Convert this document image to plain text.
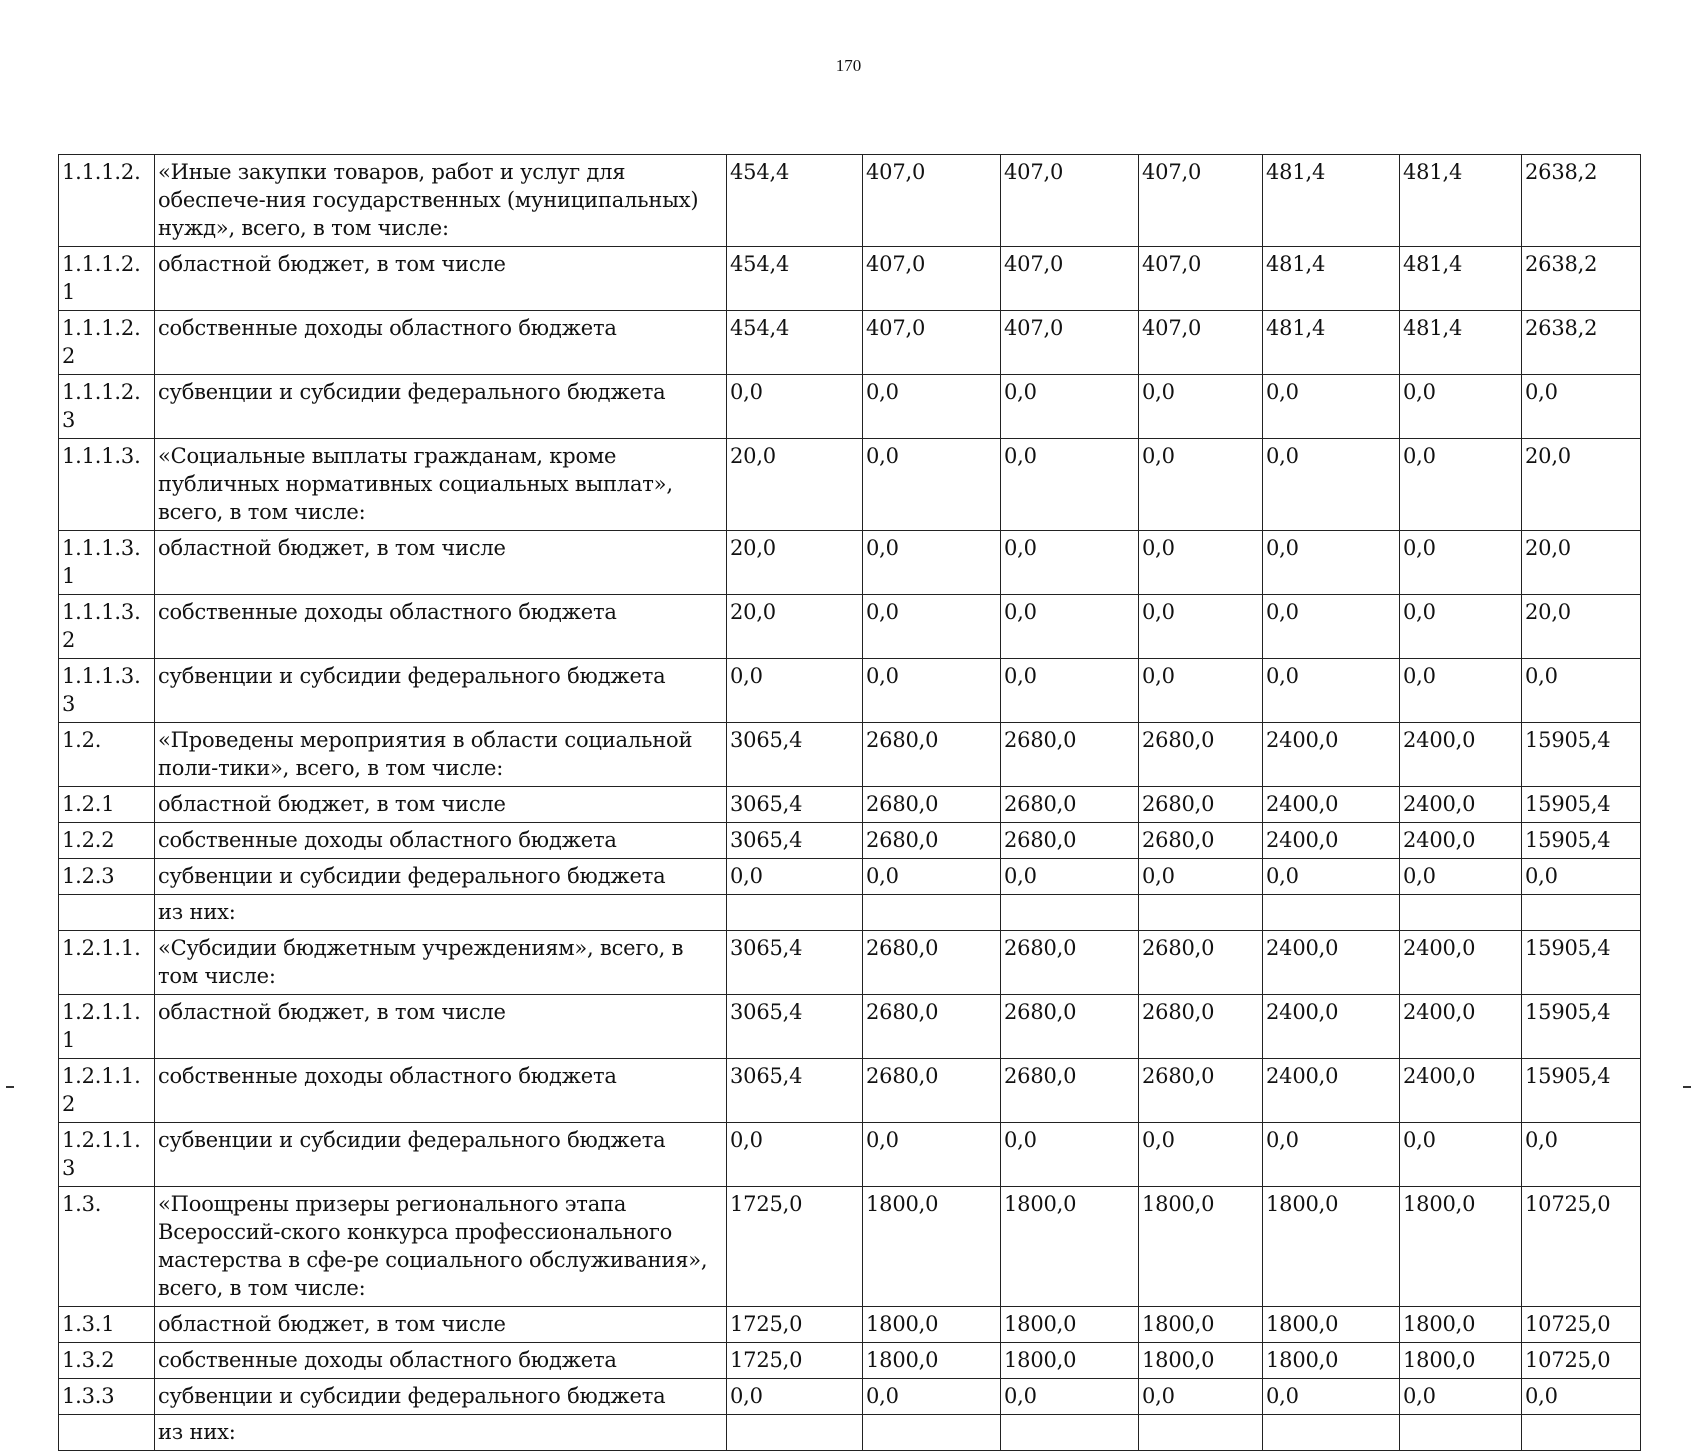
170
1.1.1.2.	«Иные закупки товаров, работ и услуг для обеспече-ния государственных (муниципальных) нужд», всего, в том числе:	454,4	407,0	407,0	407,0	481,4	481,4	2638,2
1.1.1.2.1	областной бюджет, в том числе	454,4	407,0	407,0	407,0	481,4	481,4	2638,2
1.1.1.2.2	собственные доходы областного бюджета	454,4	407,0	407,0	407,0	481,4	481,4	2638,2
1.1.1.2.3	субвенции и субсидии федерального бюджета	0,0	0,0	0,0	0,0	0,0	0,0	0,0
1.1.1.3.	«Социальные выплаты гражданам, кроме публичных нормативных социальных выплат», всего, в том числе:	20,0	0,0	0,0	0,0	0,0	0,0	20,0
1.1.1.3.1	областной бюджет, в том числе	20,0	0,0	0,0	0,0	0,0	0,0	20,0
1.1.1.3.2	собственные доходы областного бюджета	20,0	0,0	0,0	0,0	0,0	0,0	20,0
1.1.1.3.3	субвенции и субсидии федерального бюджета	0,0	0,0	0,0	0,0	0,0	0,0	0,0
1.2.	«Проведены мероприятия в области социальной поли-тики», всего, в том числе:	3065,4	2680,0	2680,0	2680,0	2400,0	2400,0	15905,4
1.2.1	областной бюджет, в том числе	3065,4	2680,0	2680,0	2680,0	2400,0	2400,0	15905,4
1.2.2	собственные доходы областного бюджета	3065,4	2680,0	2680,0	2680,0	2400,0	2400,0	15905,4
1.2.3	субвенции и субсидии федерального бюджета	0,0	0,0	0,0	0,0	0,0	0,0	0,0
	из них:							
1.2.1.1.	«Субсидии бюджетным учреждениям», всего, в том числе:	3065,4	2680,0	2680,0	2680,0	2400,0	2400,0	15905,4
1.2.1.1.1	областной бюджет, в том числе	3065,4	2680,0	2680,0	2680,0	2400,0	2400,0	15905,4
1.2.1.1.2	собственные доходы областного бюджета	3065,4	2680,0	2680,0	2680,0	2400,0	2400,0	15905,4
1.2.1.1.3	субвенции и субсидии федерального бюджета	0,0	0,0	0,0	0,0	0,0	0,0	0,0
1.3.	«Поощрены призеры регионального этапа Всероссий-ского конкурса профессионального мастерства в сфе-ре социального обслуживания», всего, в том числе:	1725,0	1800,0	1800,0	1800,0	1800,0	1800,0	10725,0
1.3.1	областной бюджет, в том числе	1725,0	1800,0	1800,0	1800,0	1800,0	1800,0	10725,0
1.3.2	собственные доходы областного бюджета	1725,0	1800,0	1800,0	1800,0	1800,0	1800,0	10725,0
1.3.3	субвенции и субсидии федерального бюджета	0,0	0,0	0,0	0,0	0,0	0,0	0,0
	из них:							
